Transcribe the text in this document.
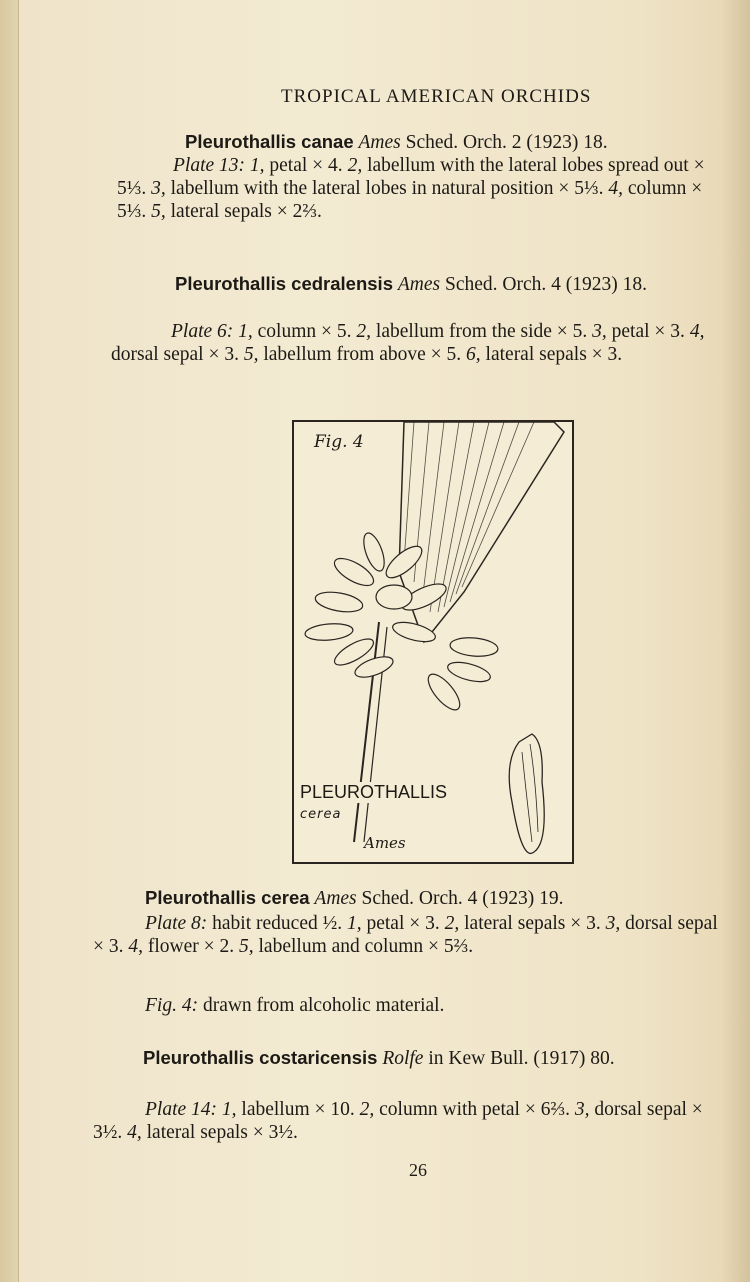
TROPICAL AMERICAN ORCHIDS

Pleurothallis canae Ames Sched. Orch. 2 (1923) 18.

Plate 13: 1, petal × 4. 2, labellum with the lateral lobes spread out × 5⅓. 3, labellum with the lateral lobes in natural position × 5⅓. 4, column × 5⅓. 5, lateral sepals × 2⅔.

Pleurothallis cedralensis Ames Sched. Orch. 4 (1923) 18.

Plate 6: 1, column × 5. 2, labellum from the side × 5. 3, petal × 3. 4, dorsal sepal × 3. 5, labellum from above × 5. 6, lateral sepals × 3.

Fig. 4
PLEUROTHALLIS
cerea
Ames

Pleurothallis cerea Ames Sched. Orch. 4 (1923) 19.

Plate 8: habit reduced ½. 1, petal × 3. 2, lateral sepals × 3. 3, dorsal sepal × 3. 4, flower × 2. 5, labellum and column × 5⅔.

Fig. 4: drawn from alcoholic material.

Pleurothallis costaricensis Rolfe in Kew Bull. (1917) 80.

Plate 14: 1, labellum × 10. 2, column with petal × 6⅔. 3, dorsal sepal × 3½. 4, lateral sepals × 3½.

26
